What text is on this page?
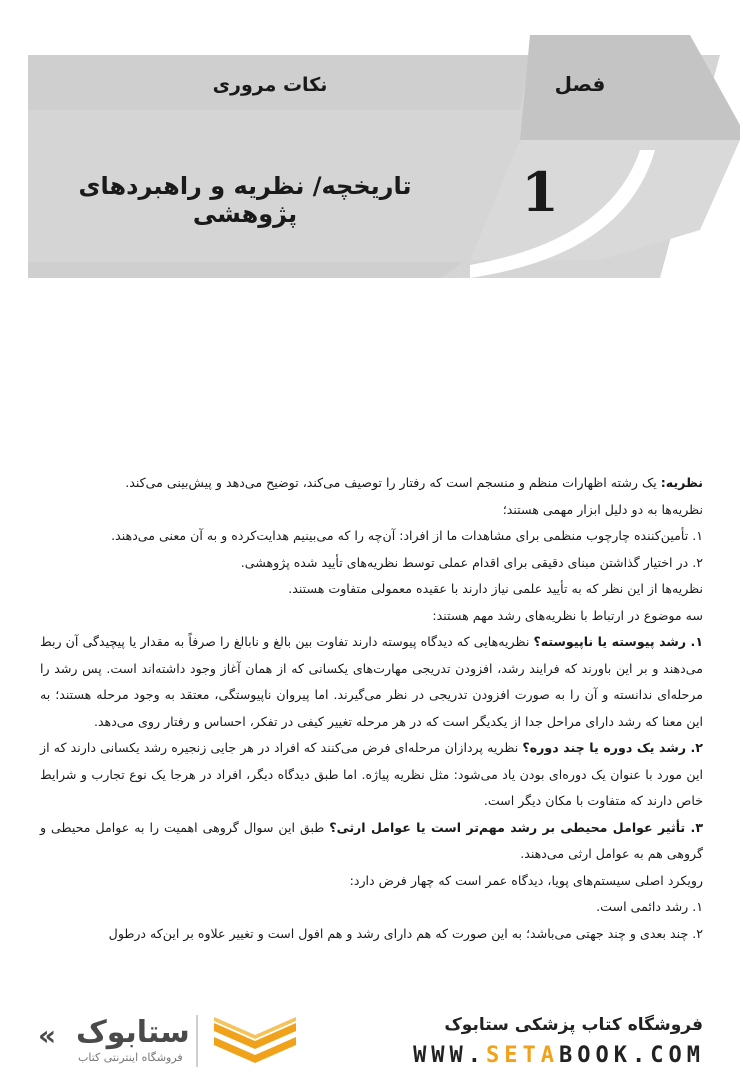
نکات مروری	فصل
1
تاریخچه/ نظریه و راهبردهای پژوهشی

نظریه: یک رشته اظهارات منظم و منسجم است که رفتار را توصیف می‌کند، توضیح می‌دهد و پیش‌بینی می‌کند.

نظریه‌ها به دو دلیل ابزار مهمی هستند؛

۱. تأمین‌کننده چارچوب منظمی برای مشاهدات ما از افراد: آن‌چه را که می‌بینیم هدایت‌کرده و به آن معنی می‌دهند.

۲. در اختیار گذاشتن مبنای دقیقی برای اقدام عملی توسط نظریه‌های تأیید شده پژوهشی.

نظریه‌ها از این نظر که به تأیید علمی نیاز دارند با عقیده معمولی متفاوت هستند.

سه موضوع در ارتباط با نظریه‌های رشد مهم هستند:

۱. رشد پیوسته یا ناپیوسته؟ نظریه‌هایی که دیدگاه پیوسته دارند تفاوت بین بالغ و نابالغ را صرفاً به مقدار یا پیچیدگی آن ربط می‌دهند و بر این باورند که فرایند رشد، افزودن تدریجی مهارت‌های یکسانی که از همان آغاز وجود داشته‌اند است. پس رشد را مرحله‌ای ندانسته و آن را به صورت افزودن تدریجی در نظر می‌گیرند. اما پیروان ناپیوستگی، معتقد به وجود مرحله هستند؛ به این معنا که رشد دارای مراحل جدا از یکدیگر است که در هر مرحله تغییر کیفی در تفکر، احساس و رفتار روی می‌دهد.

۲. رشد یک دوره یا چند دوره؟ نظریه پردازان مرحله‌ای فرض می‌کنند که افراد در هر جایی زنجیره رشد یکسانی دارند که از این مورد با عنوان یک دوره‌ای بودن یاد می‌شود: مثل نظریه پیاژه. اما طبق دیدگاه دیگر، افراد در هرجا یک نوع تجارب و شرایط خاص دارند که متفاوت با مکان دیگر است.

۳. تأثیر عوامل محیطی بر رشد مهم‌تر است یا عوامل ارثی؟ طبق این سوال گروهی اهمیت را به عوامل محیطی و گروهی هم به عوامل ارثی می‌دهند.

رویکرد اصلی سیستم‌های پویا، دیدگاه عمر است که چهار فرض دارد:

۱. رشد دائمی است.

۲. چند بعدی و چند جهتی می‌باشد؛ به این صورت که هم دارای رشد و هم افول است و تغییر علاوه بر این‌که درطول

« ستابوک
فروشگاه اینترنتی کتاب
فروشگاه کتاب پزشکی ستابوک
WWW.SETABOOK.COM
